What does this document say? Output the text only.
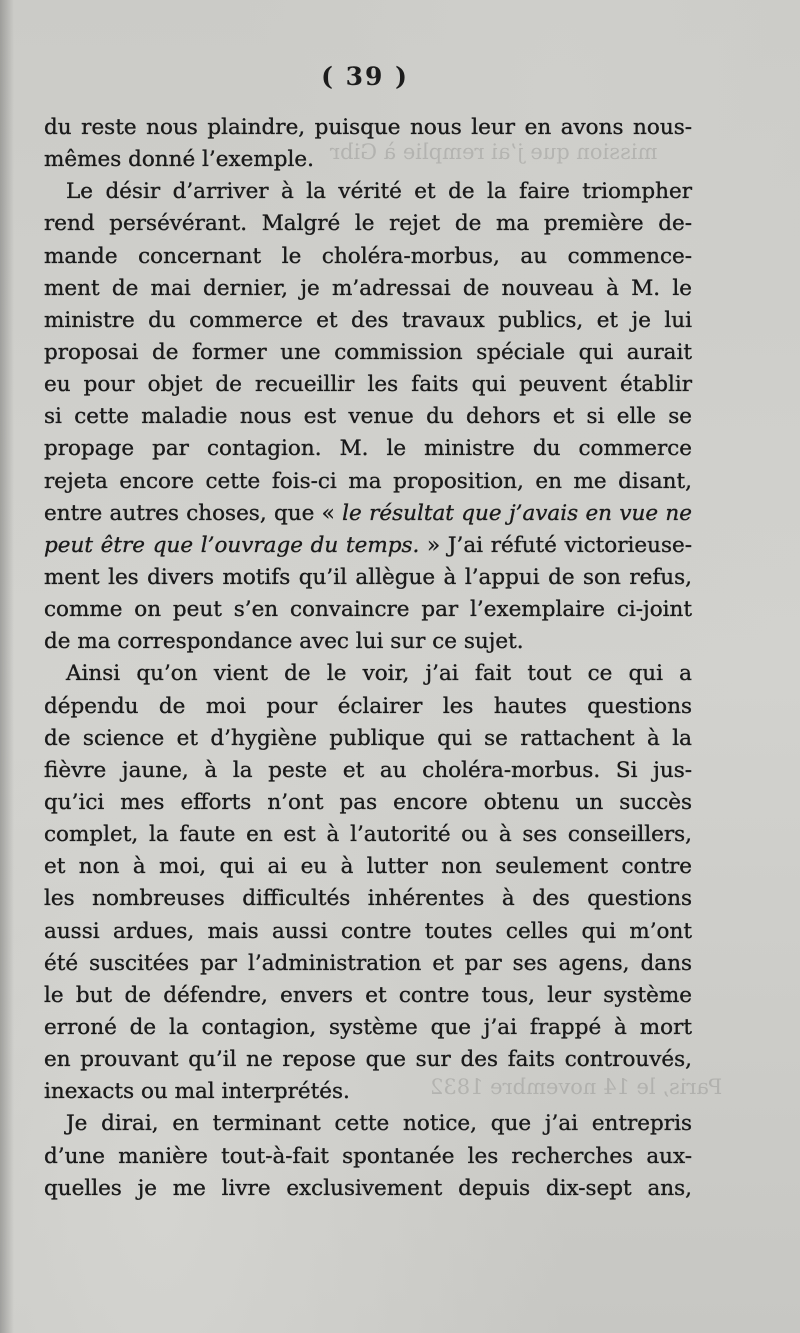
mission que j’ai remplie à Gibr
Paris, le 14 novembre 1832
( 39 )
du reste nous plaindre, puisque nous leur en avons nous-
mêmes donné l’exemple.
Le désir d’arriver à la vérité et de la faire triompher
rend persévérant. Malgré le rejet de ma première de-
mande concernant le choléra-morbus, au commence-
ment de mai dernier, je m’adressai de nouveau à M. le
ministre du commerce et des travaux publics, et je lui
proposai de former une commission spéciale qui aurait
eu pour objet de recueillir les faits qui peuvent établir
si cette maladie nous est venue du dehors et si elle se
propage par contagion. M. le ministre du commerce
rejeta encore cette fois-ci ma proposition, en me disant,
entre autres choses, que « le résultat que j’avais en vue ne
peut être que l’ouvrage du temps. » J’ai réfuté victorieuse-
ment les divers motifs qu’il allègue à l’appui de son refus,
comme on peut s’en convaincre par l’exemplaire ci-joint
de ma correspondance avec lui sur ce sujet.
Ainsi qu’on vient de le voir, j’ai fait tout ce qui a
dépendu de moi pour éclairer les hautes questions
de science et d’hygiène publique qui se rattachent à la
fièvre jaune, à la peste et au choléra-morbus. Si jus-
qu’ici mes efforts n’ont pas encore obtenu un succès
complet, la faute en est à l’autorité ou à ses conseillers,
et non à moi, qui ai eu à lutter non seulement contre
les nombreuses difficultés inhérentes à des questions
aussi ardues, mais aussi contre toutes celles qui m’ont
été suscitées par l’administration et par ses agens, dans
le but de défendre, envers et contre tous, leur système
erroné de la contagion, système que j’ai frappé à mort
en prouvant qu’il ne repose que sur des faits controuvés,
inexacts ou mal interprétés.
Je dirai, en terminant cette notice, que j’ai entrepris
d’une manière tout-à-fait spontanée les recherches aux-
quelles je me livre exclusivement depuis dix-sept ans,
